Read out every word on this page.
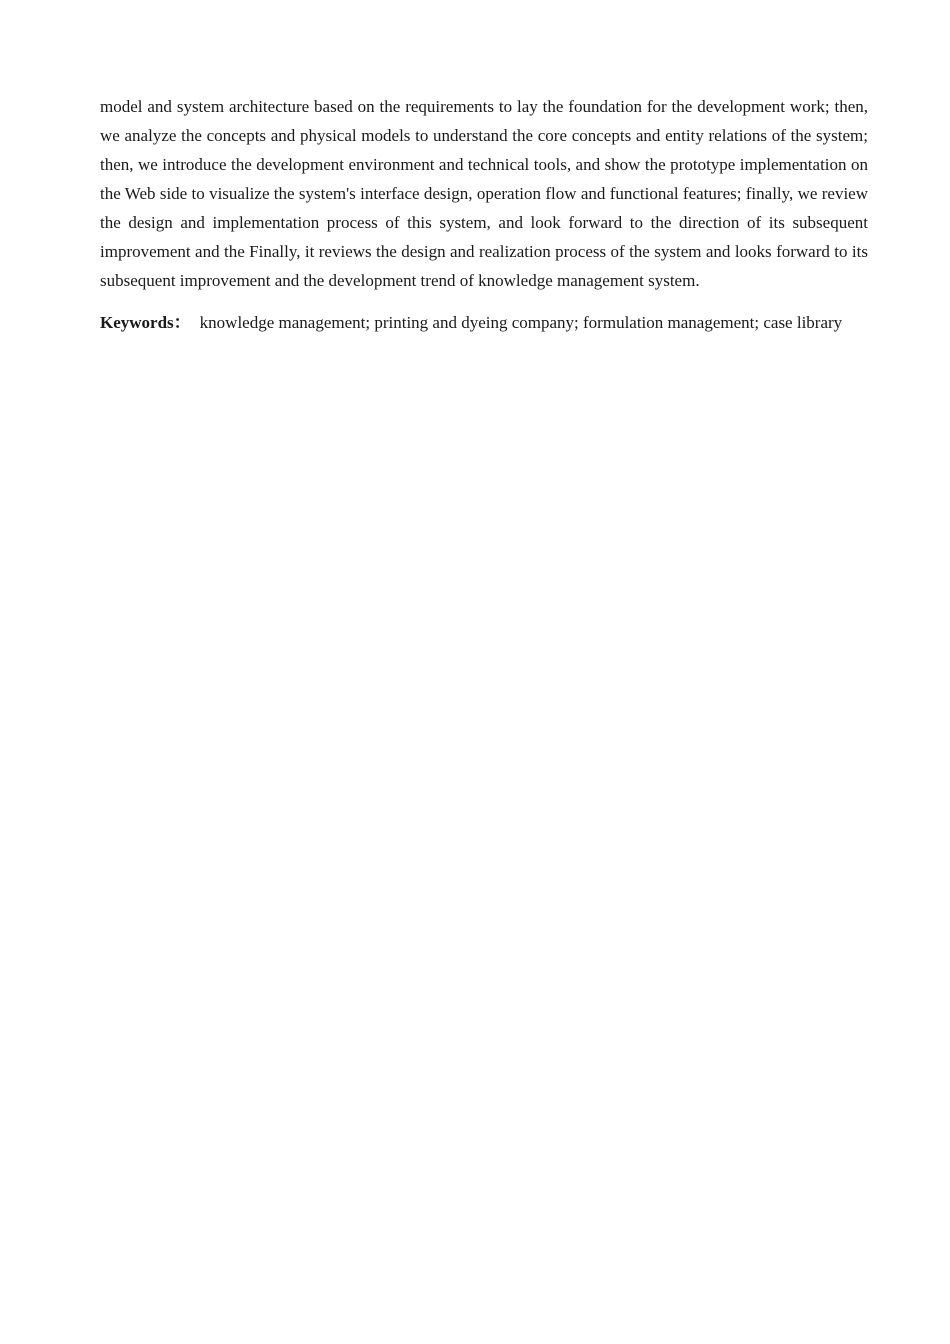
model and system architecture based on the requirements to lay the foundation for the development work; then, we analyze the concepts and physical models to understand the core concepts and entity relations of the system; then, we introduce the development environment and technical tools, and show the prototype implementation on the Web side to visualize the system's interface design, operation flow and functional features; finally, we review the design and implementation process of this system, and look forward to the direction of its subsequent improvement and the Finally, it reviews the design and realization process of the system and looks forward to its subsequent improvement and the development trend of knowledge management system.

Keywords： knowledge management; printing and dyeing company; formulation management; case library
